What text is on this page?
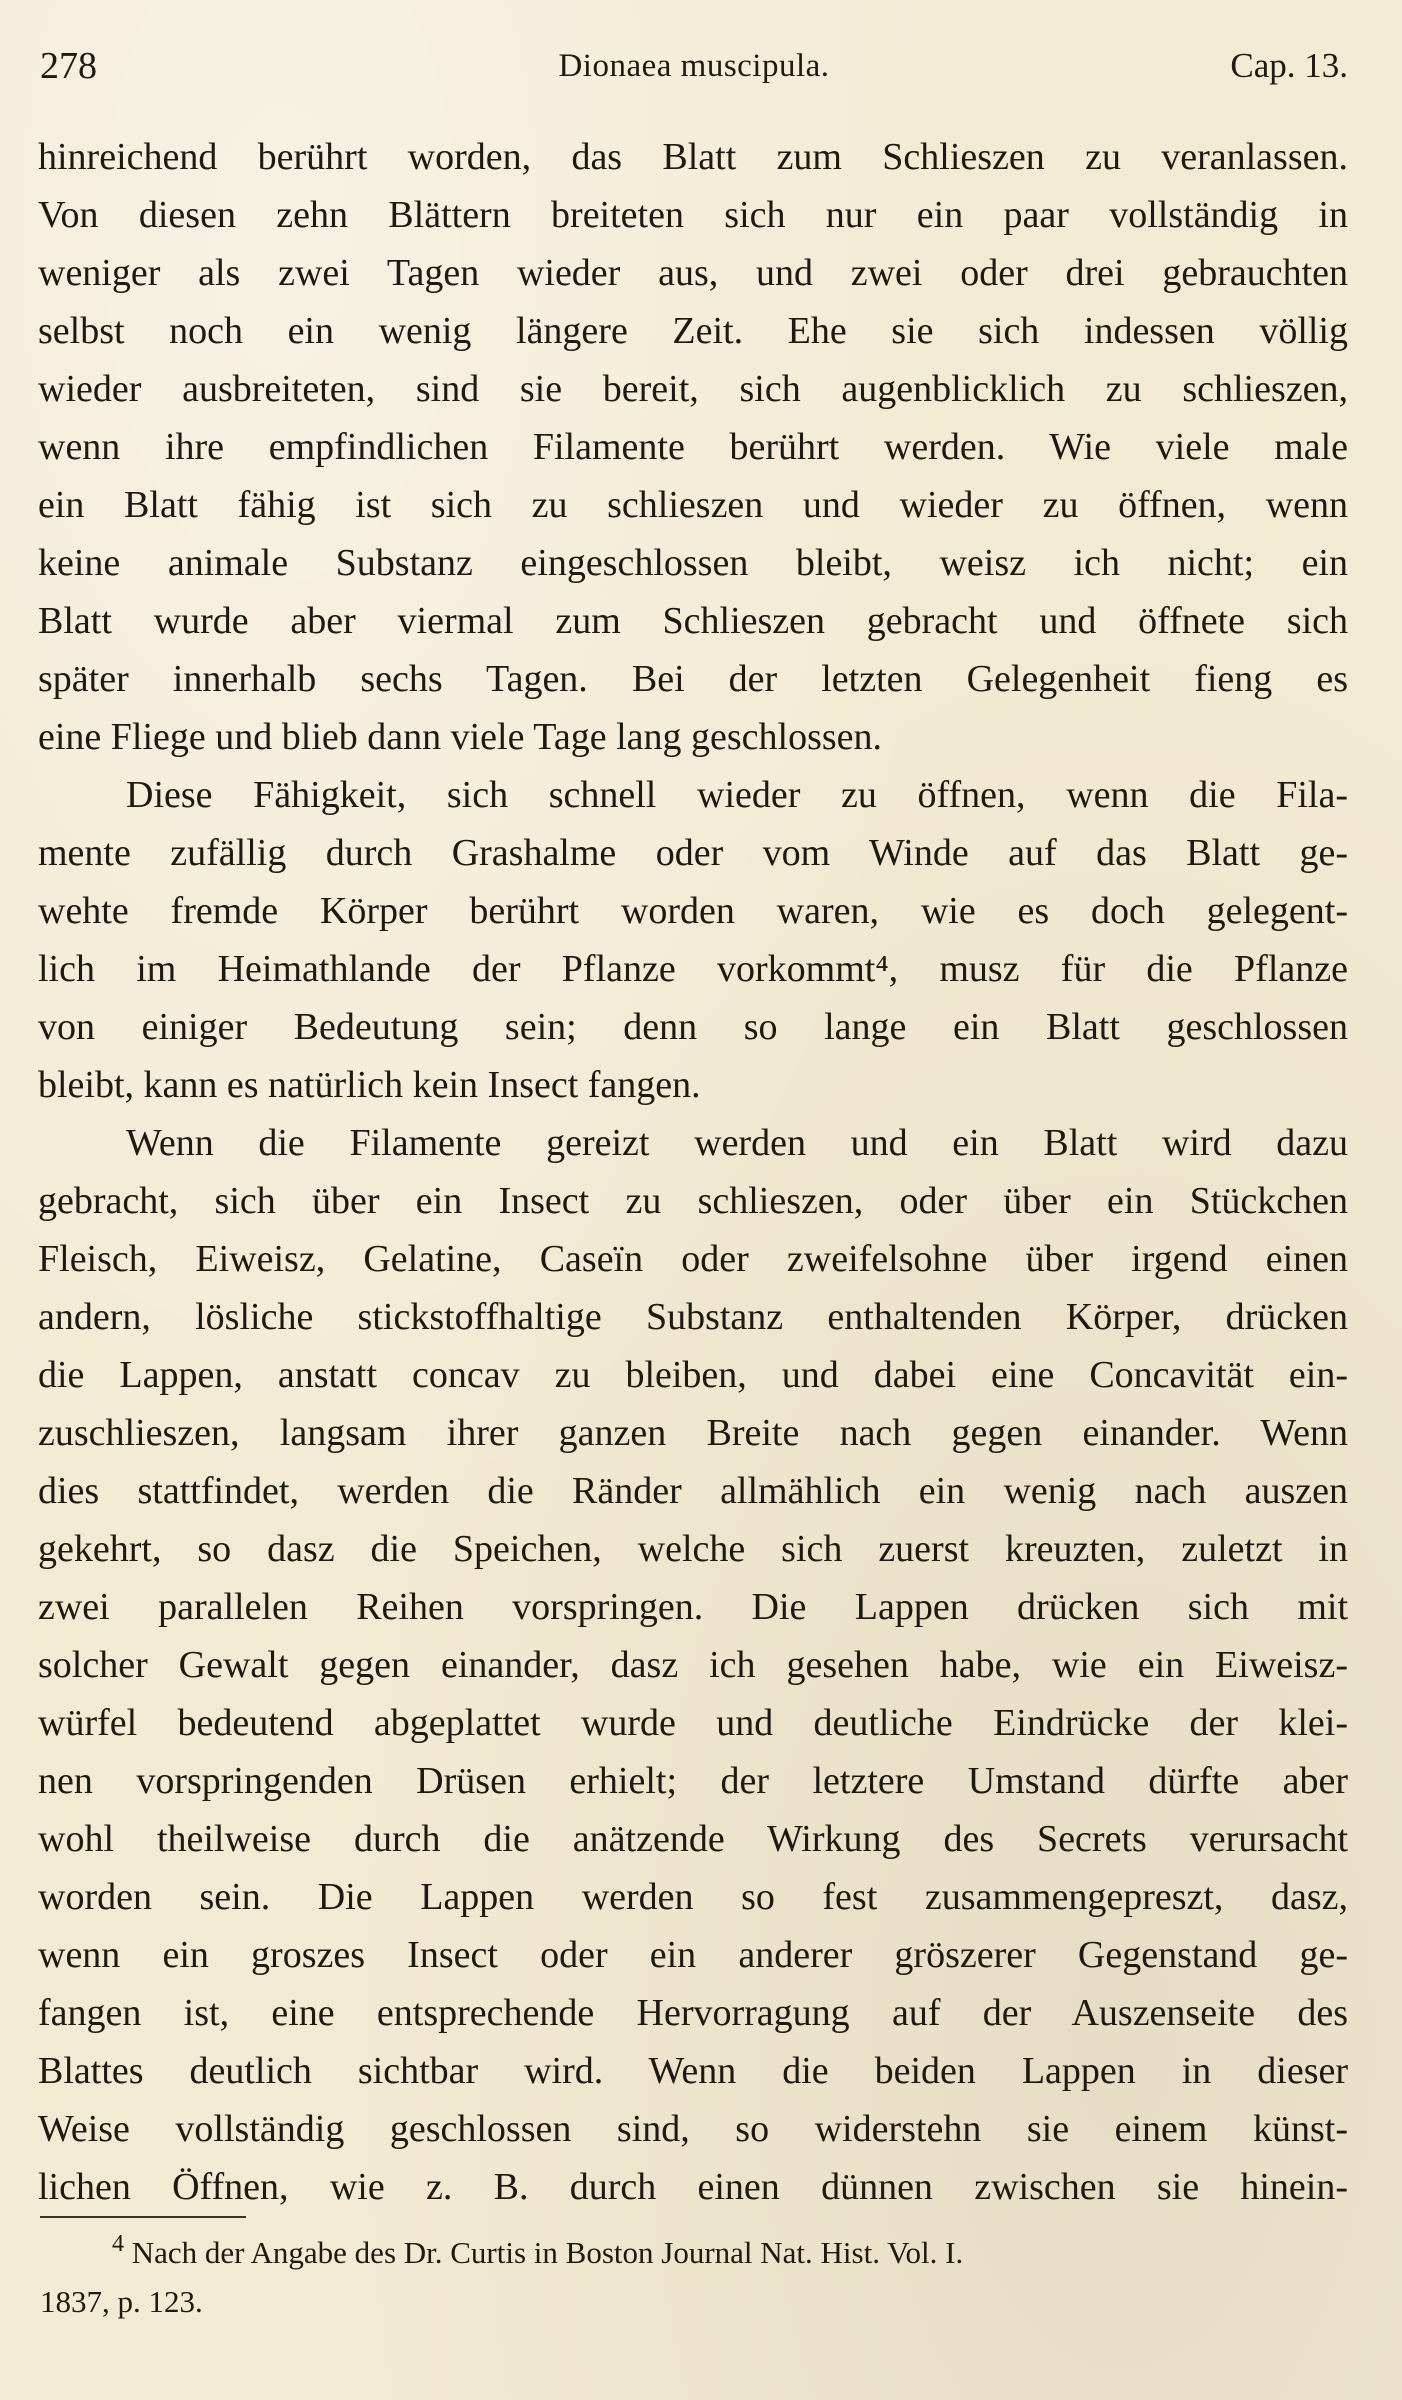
278	Dionaea muscipula.	Cap. 13.
hinreichend berührt worden, das Blatt zum Schlieszen zu veranlassen.
Von diesen zehn Blättern breiteten sich nur ein paar vollständig in
weniger als zwei Tagen wieder aus, und zwei oder drei gebrauchten
selbst noch ein wenig längere Zeit. Ehe sie sich indessen völlig
wieder ausbreiteten, sind sie bereit, sich augenblicklich zu schlieszen,
wenn ihre empfindlichen Filamente berührt werden. Wie viele male
ein Blatt fähig ist sich zu schlieszen und wieder zu öffnen, wenn
keine animale Substanz eingeschlossen bleibt, weisz ich nicht; ein
Blatt wurde aber viermal zum Schlieszen gebracht und öffnete sich
später innerhalb sechs Tagen. Bei der letzten Gelegenheit fieng es
eine Fliege und blieb dann viele Tage lang geschlossen.
Diese Fähigkeit, sich schnell wieder zu öffnen, wenn die Fila-
mente zufällig durch Grashalme oder vom Winde auf das Blatt ge-
wehte fremde Körper berührt worden waren, wie es doch gelegent-
lich im Heimathlande der Pflanze vorkommt⁴, musz für die Pflanze
von einiger Bedeutung sein; denn so lange ein Blatt geschlossen
bleibt, kann es natürlich kein Insect fangen.
Wenn die Filamente gereizt werden und ein Blatt wird dazu
gebracht, sich über ein Insect zu schlieszen, oder über ein Stückchen
Fleisch, Eiweisz, Gelatine, Caseïn oder zweifelsohne über irgend einen
andern, lösliche stickstoffhaltige Substanz enthaltenden Körper, drücken
die Lappen, anstatt concav zu bleiben, und dabei eine Concavität ein-
zuschlieszen, langsam ihrer ganzen Breite nach gegen einander. Wenn
dies stattfindet, werden die Ränder allmählich ein wenig nach auszen
gekehrt, so dasz die Speichen, welche sich zuerst kreuzten, zuletzt in
zwei parallelen Reihen vorspringen. Die Lappen drücken sich mit
solcher Gewalt gegen einander, dasz ich gesehen habe, wie ein Eiweisz-
würfel bedeutend abgeplattet wurde und deutliche Eindrücke der klei-
nen vorspringenden Drüsen erhielt; der letztere Umstand dürfte aber
wohl theilweise durch die anätzende Wirkung des Secrets verursacht
worden sein. Die Lappen werden so fest zusammengepreszt, dasz,
wenn ein groszes Insect oder ein anderer gröszerer Gegenstand ge-
fangen ist, eine entsprechende Hervorragung auf der Auszenseite des
Blattes deutlich sichtbar wird. Wenn die beiden Lappen in dieser
Weise vollständig geschlossen sind, so widerstehn sie einem künst-
lichen Öffnen, wie z. B. durch einen dünnen zwischen sie hinein-
$^4$ Nach der Angabe des Dr. Curtis in Boston Journal Nat. Hist. Vol. I.
1837, p. 123.
